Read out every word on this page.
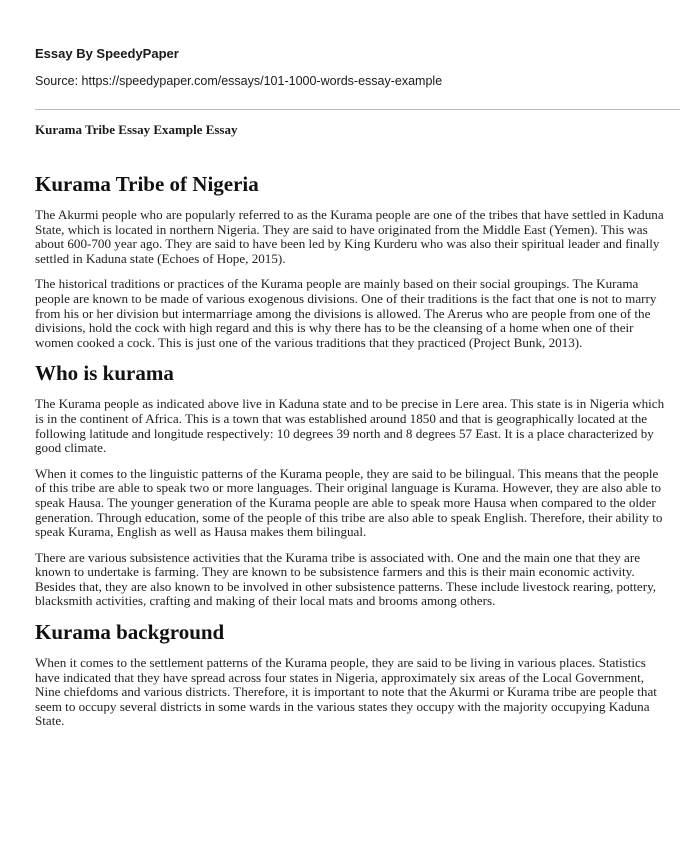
Essay By SpeedyPaper

Source: https://speedypaper.com/essays/101-1000-words-essay-example

Kurama Tribe Essay Example Essay

Kurama Tribe of Nigeria

The Akurmi people who are popularly referred to as the Kurama people are one of the tribes that have settled in Kaduna State, which is located in northern Nigeria. They are said to have originated from the Middle East (Yemen). This was about 600-700 year ago. They are said to have been led by King Kurderu who was also their spiritual leader and finally settled in Kaduna state (Echoes of Hope, 2015).

The historical traditions or practices of the Kurama people are mainly based on their social groupings. The Kurama people are known to be made of various exogenous divisions. One of their traditions is the fact that one is not to marry from his or her division but intermarriage among the divisions is allowed. The Arerus who are people from one of the divisions, hold the cock with high regard and this is why there has to be the cleansing of a home when one of their women cooked a cock. This is just one of the various traditions that they practiced (Project Bunk, 2013).

Who is kurama

The Kurama people as indicated above live in Kaduna state and to be precise in Lere area. This state is in Nigeria which is in the continent of Africa. This is a town that was established around 1850 and that is geographically located at the following latitude and longitude respectively: 10 degrees 39 north and 8 degrees 57 East. It is a place characterized by good climate.

When it comes to the linguistic patterns of the Kurama people, they are said to be bilingual. This means that the people of this tribe are able to speak two or more languages. Their original language is Kurama. However, they are also able to speak Hausa. The younger generation of the Kurama people are able to speak more Hausa when compared to the older generation. Through education, some of the people of this tribe are also able to speak English. Therefore, their ability to speak Kurama, English as well as Hausa makes them bilingual.

There are various subsistence activities that the Kurama tribe is associated with. One and the main one that they are known to undertake is farming. They are known to be subsistence farmers and this is their main economic activity. Besides that, they are also known to be involved in other subsistence patterns. These include livestock rearing, pottery, blacksmith activities, crafting and making of their local mats and brooms among others.

Kurama background

When it comes to the settlement patterns of the Kurama people, they are said to be living in various places. Statistics have indicated that they have spread across four states in Nigeria, approximately six areas of the Local Government, Nine chiefdoms and various districts. Therefore, it is important to note that the Akurmi or Kurama tribe are people that seem to occupy several districts in some wards in the various states they occupy with the majority occupying Kaduna State.
